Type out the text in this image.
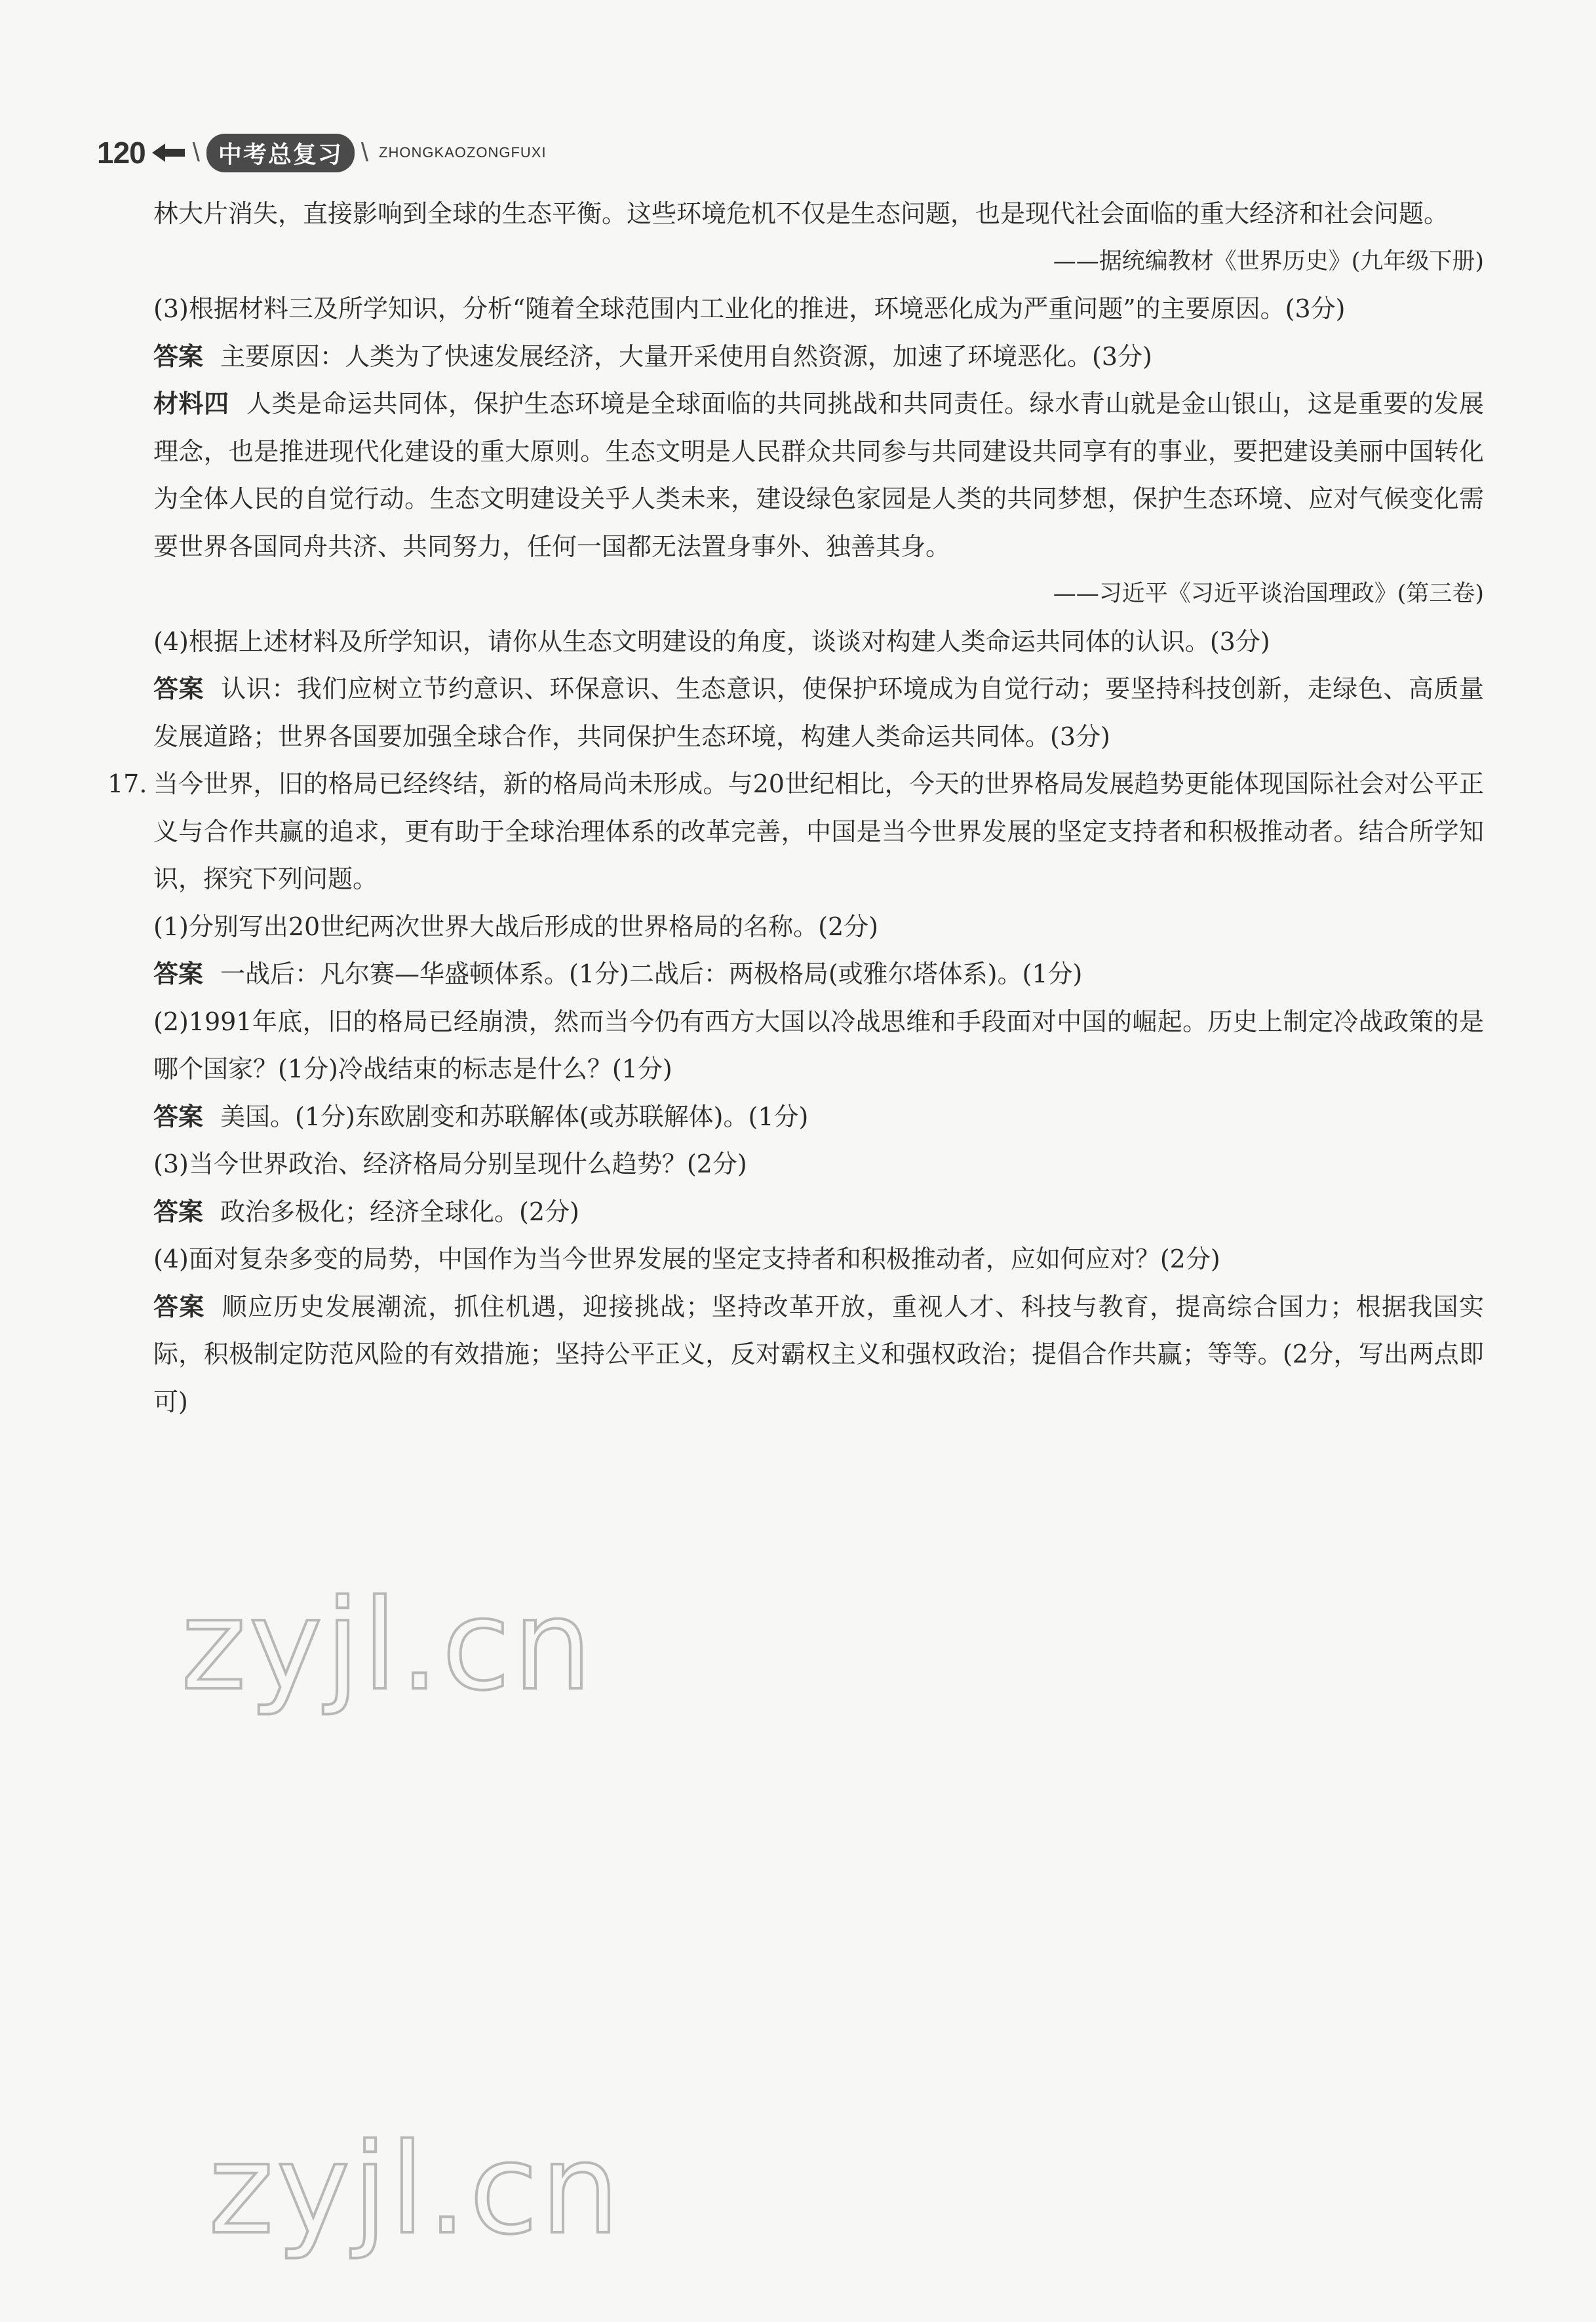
120 \ 中考总复习 \ ZHONGKAOZONGFUXI

林大片消失，直接影响到全球的生态平衡。这些环境危机不仅是生态问题，也是现代社会面临的重大经济和社会问题。

——据统编教材《世界历史》(九年级下册)

(3)根据材料三及所学知识，分析“随着全球范围内工业化的推进，环境恶化成为严重问题”的主要原因。(3分)

答案 主要原因：人类为了快速发展经济，大量开采使用自然资源，加速了环境恶化。(3分)

材料四 人类是命运共同体，保护生态环境是全球面临的共同挑战和共同责任。绿水青山就是金山银山，这是重要的发展理念，也是推进现代化建设的重大原则。生态文明是人民群众共同参与共同建设共同享有的事业，要把建设美丽中国转化为全体人民的自觉行动。生态文明建设关乎人类未来，建设绿色家园是人类的共同梦想，保护生态环境、应对气候变化需要世界各国同舟共济、共同努力，任何一国都无法置身事外、独善其身。

——习近平《习近平谈治国理政》(第三卷)

(4)根据上述材料及所学知识，请你从生态文明建设的角度，谈谈对构建人类命运共同体的认识。(3分)

答案 认识：我们应树立节约意识、环保意识、生态意识，使保护环境成为自觉行动；要坚持科技创新，走绿色、高质量发展道路；世界各国要加强全球合作，共同保护生态环境，构建人类命运共同体。(3分)

17. 当今世界，旧的格局已经终结，新的格局尚未形成。与20世纪相比，今天的世界格局发展趋势更能体现国际社会对公平正义与合作共赢的追求，更有助于全球治理体系的改革完善，中国是当今世界发展的坚定支持者和积极推动者。结合所学知识，探究下列问题。

(1)分别写出20世纪两次世界大战后形成的世界格局的名称。(2分)

答案 一战后：凡尔赛—华盛顿体系。(1分)二战后：两极格局(或雅尔塔体系)。(1分)

(2)1991年底，旧的格局已经崩溃，然而当今仍有西方大国以冷战思维和手段面对中国的崛起。历史上制定冷战政策的是哪个国家？(1分)冷战结束的标志是什么？(1分)

答案 美国。(1分)东欧剧变和苏联解体(或苏联解体)。(1分)

(3)当今世界政治、经济格局分别呈现什么趋势？(2分)

答案 政治多极化；经济全球化。(2分)

(4)面对复杂多变的局势，中国作为当今世界发展的坚定支持者和积极推动者，应如何应对？(2分)

答案 顺应历史发展潮流，抓住机遇，迎接挑战；坚持改革开放，重视人才、科技与教育，提高综合国力；根据我国实际，积极制定防范风险的有效措施；坚持公平正义，反对霸权主义和强权政治；提倡合作共赢；等等。(2分，写出两点即可)

zyjl.cn
zyjl.cn
